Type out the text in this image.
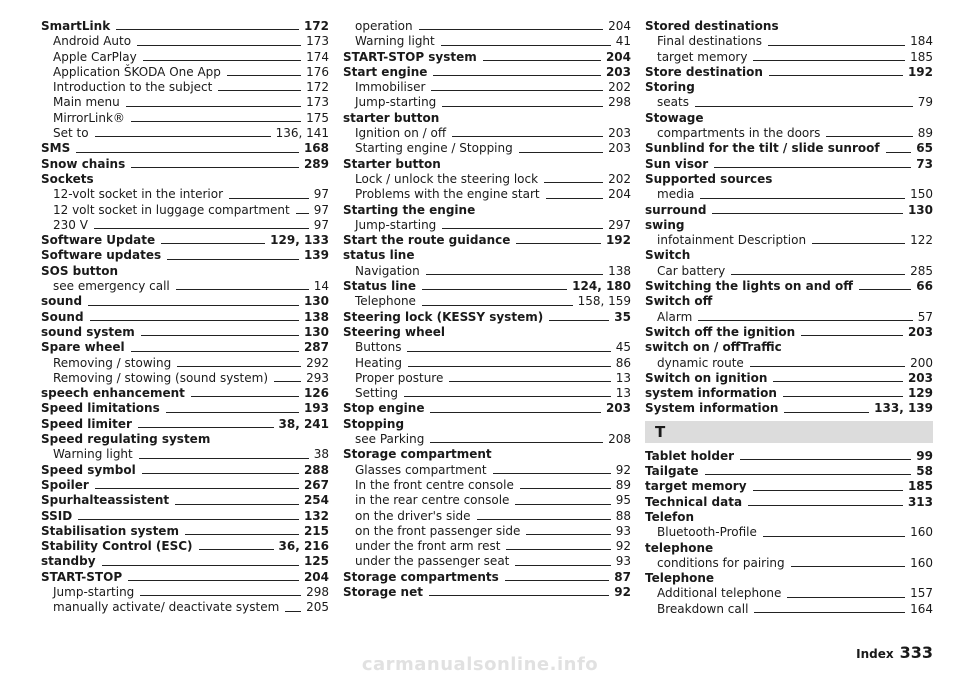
SmartLink	172
Android Auto	173
Apple CarPlay	174
Application ŠKODA One App	176
Introduction to the subject	172
Main menu	173
MirrorLink®	175
Set to	136, 141
SMS	168
Snow chains	289
Sockets
12-volt socket in the interior	97
12 volt socket in luggage compartment 97
230 V	97
Software Update	129, 133
Software updates	139
SOS button
see emergency call	14
sound	130
Sound	138
sound system	130
Spare wheel	287
Removing / stowing	292
Removing / stowing (sound system)	293
speech enhancement	126
Speed limitations	193
Speed limiter	38, 241
Speed regulating system
Warning light	38
Speed symbol	288
Spoiler	267
Spurhalteassistent	254
SSID	132
Stabilisation system	215
Stability Control (ESC)	36, 216
standby	125
START-STOP	204
Jump-starting	298
manually activate/ deactivate system 205
operation	204
Warning light	41
START-STOP system	204
Start engine	203
Immobiliser	202
Jump-starting	298
starter button
Ignition on / off	203
Starting engine / Stopping	203
Starter button
Lock / unlock the steering lock	202
Problems with the engine start	204
Starting the engine
Jump-starting	297
Start the route guidance	192
status line
Navigation	138
Status line	124, 180
Telephone	158, 159
Steering lock (KESSY system)	35
Steering wheel
Buttons	45
Heating	86
Proper posture	13
Setting	13
Stop engine	203
Stopping
see Parking	208
Storage compartment
Glasses compartment	92
In the front centre console	89
in the rear centre console	95
on the driver's side	88
on the front passenger side	93
under the front arm rest	92
under the passenger seat	93
Storage compartments	87
Storage net	92
Stored destinations
Final destinations	184
target memory	185
Store destination	192
Storing
seats	79
Stowage
compartments in the doors	89
Sunblind for the tilt / slide sunroof	65
Sun visor	73
Supported sources
media	150
surround	130
swing
infotainment Description	122
Switch
Car battery	285
Switching the lights on and off	66
Switch off
Alarm	57
Switch off the ignition	203
switch on / offTraffic
dynamic route	200
Switch on ignition	203
system information	129
System information	133, 139
T
Tablet holder	99
Tailgate	58
target memory	185
Technical data	313
Telefon
Bluetooth-Profile	160
telephone
conditions for pairing	160
Telephone
Additional telephone	157
Breakdown call	164
Index 333
carmanualsonline.info
